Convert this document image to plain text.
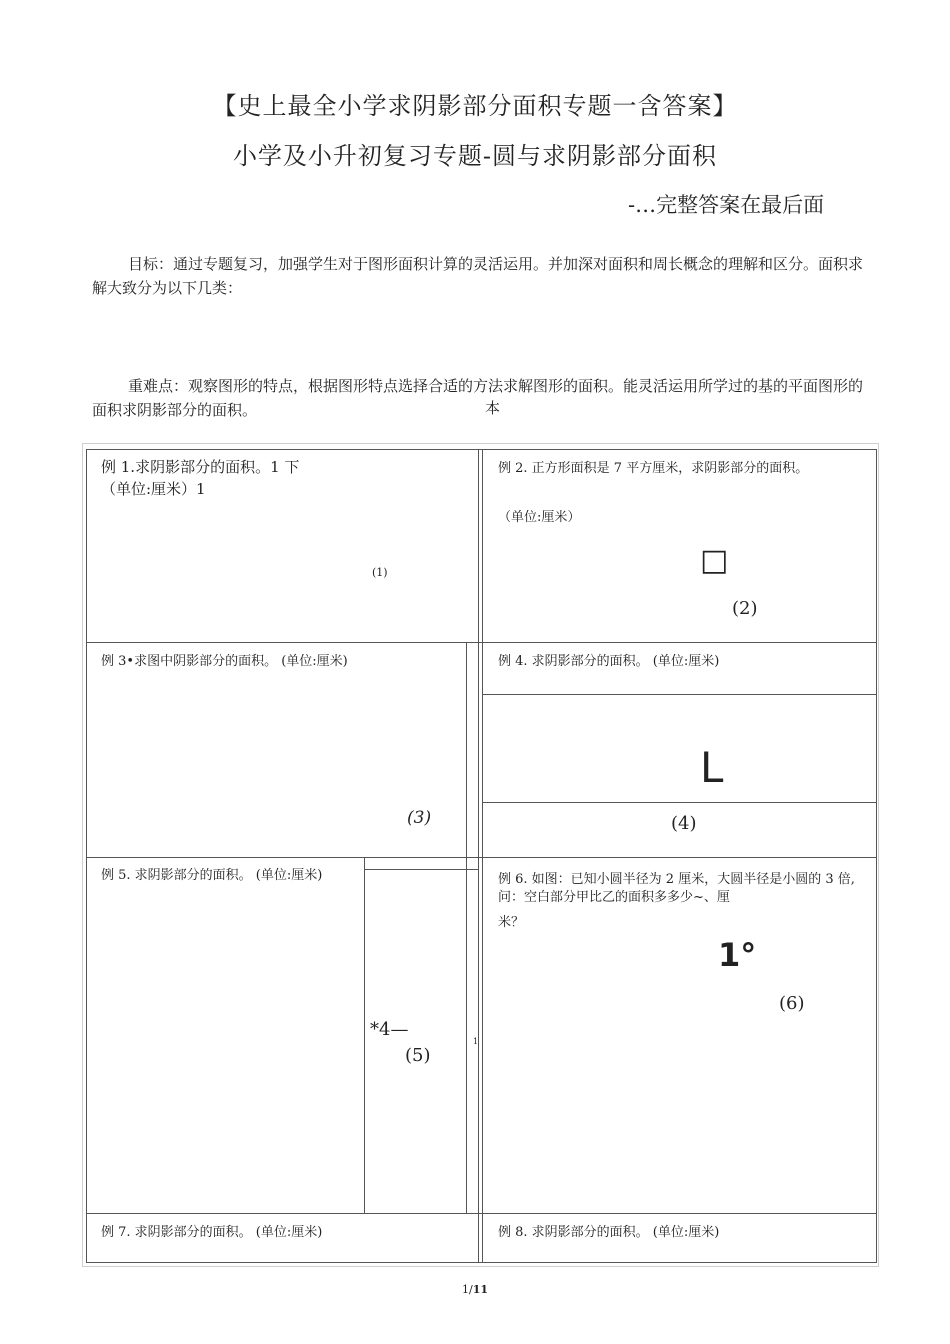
【史上最全小学求阴影部分面积专题一含答案】
小学及小升初复习专题-圆与求阴影部分面积
-…完整答案在最后面
目标：通过专题复习，加强学生对于图形面积计算的灵活运用。并加深对面积和周长概念的理解和区分。面积求解大致分为以下几类：
重难点：观察图形的特点，根据图形特点选择合适的方法求解图形的面积。能灵活运用所学过的基的平面图形的面积求阴影部分的面积。	本
例 1.求阴影部分的面积。1 下
（单位:厘米）1
(1)
例 2. 正方形面积是 7 平方厘米，求阴影部分的面积。
（单位:厘米）
□
(2)
例 3•求图中阴影部分的面积。 (单位:厘米)
(3)
例 4. 求阴影部分的面积。 (单位:厘米)
L
(4)
例 5. 求阴影部分的面积。 (单位:厘米)
*4—
(5)
1
例 6. 如图：已知小圆半径为 2 厘米，大圆半径是小圆的 3 倍,
问：空白部分甲比乙的面积多多少~、厘
米？
1°
(6)
例 7. 求阴影部分的面积。 (单位:厘米)	例 8. 求阴影部分的面积。 (单位:厘米)
1/11
